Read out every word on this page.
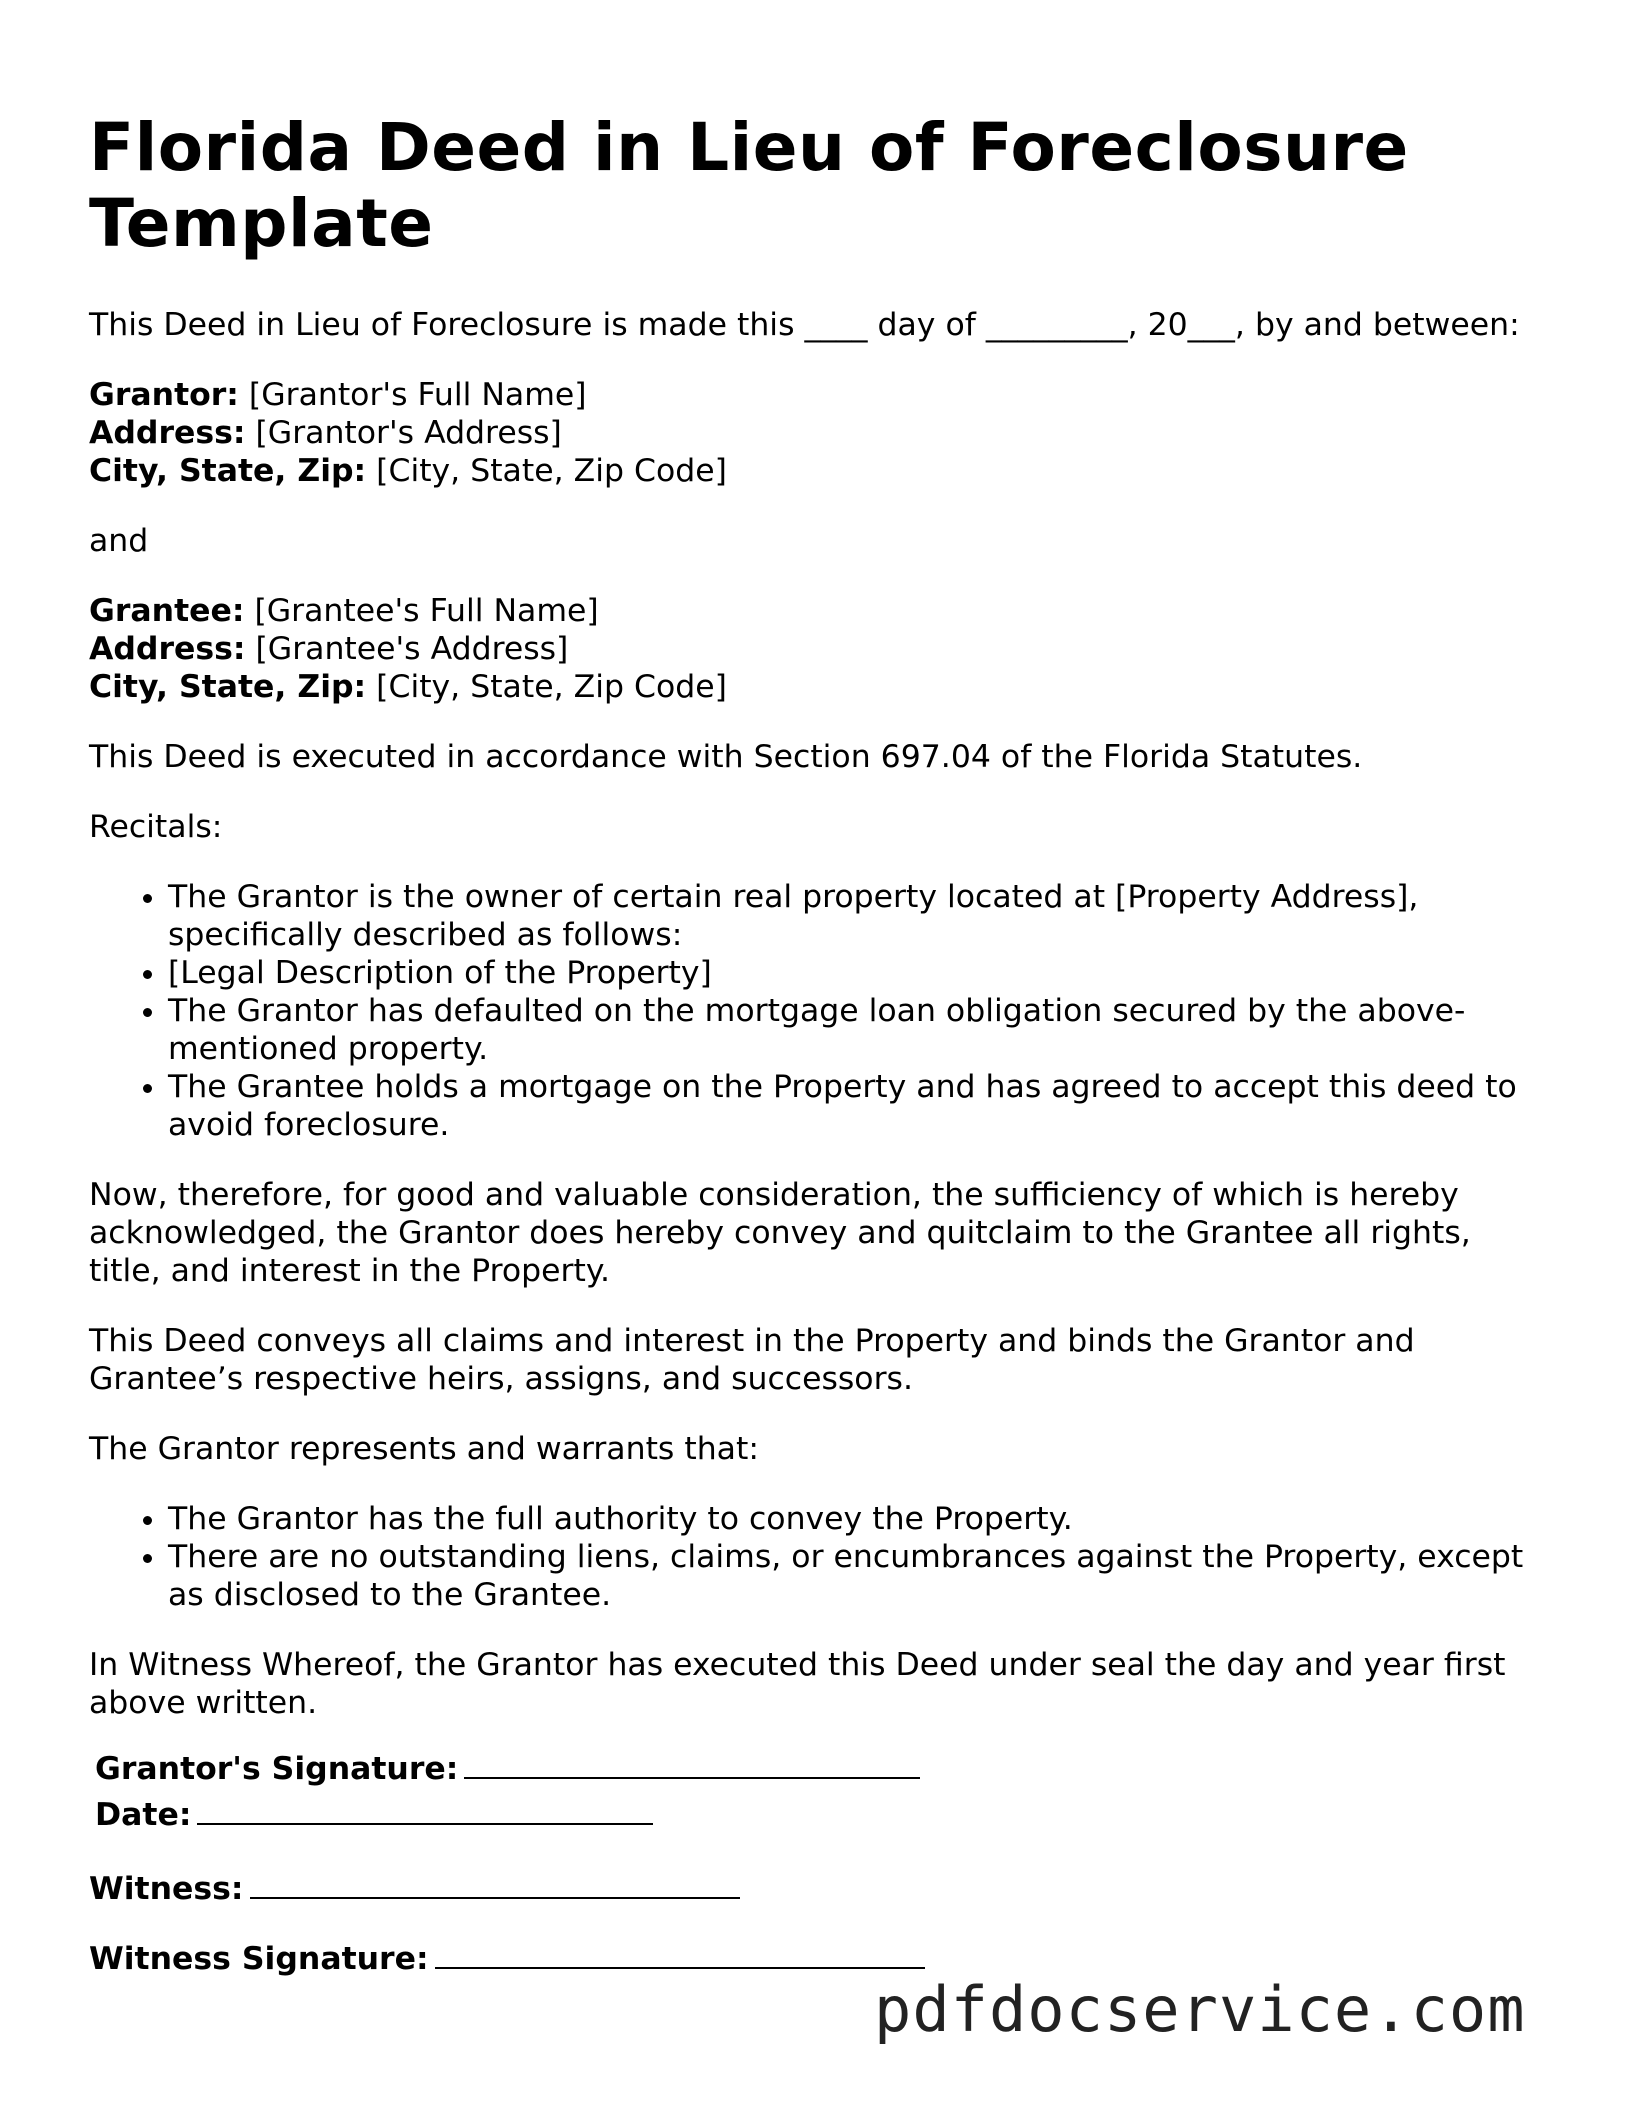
Florida Deed in Lieu of Foreclosure Template

This Deed in Lieu of Foreclosure is made this ____ day of _________, 20___, by and between:

Grantor: [Grantor's Full Name]
Address: [Grantor's Address]
City, State, Zip: [City, State, Zip Code]

and

Grantee: [Grantee's Full Name]
Address: [Grantee's Address]
City, State, Zip: [City, State, Zip Code]

This Deed is executed in accordance with Section 697.04 of the Florida Statutes.

Recitals:

• The Grantor is the owner of certain real property located at [Property Address], specifically described as follows:
• [Legal Description of the Property]
• The Grantor has defaulted on the mortgage loan obligation secured by the above-mentioned property.
• The Grantee holds a mortgage on the Property and has agreed to accept this deed to avoid foreclosure.

Now, therefore, for good and valuable consideration, the sufficiency of which is hereby acknowledged, the Grantor does hereby convey and quitclaim to the Grantee all rights, title, and interest in the Property.

This Deed conveys all claims and interest in the Property and binds the Grantor and Grantee’s respective heirs, assigns, and successors.

The Grantor represents and warrants that:

• The Grantor has the full authority to convey the Property.
• There are no outstanding liens, claims, or encumbrances against the Property, except as disclosed to the Grantee.

In Witness Whereof, the Grantor has executed this Deed under seal the day and year first above written.

Grantor's Signature:
Date:
Witness:
Witness Signature:
pdfdocservice.com
